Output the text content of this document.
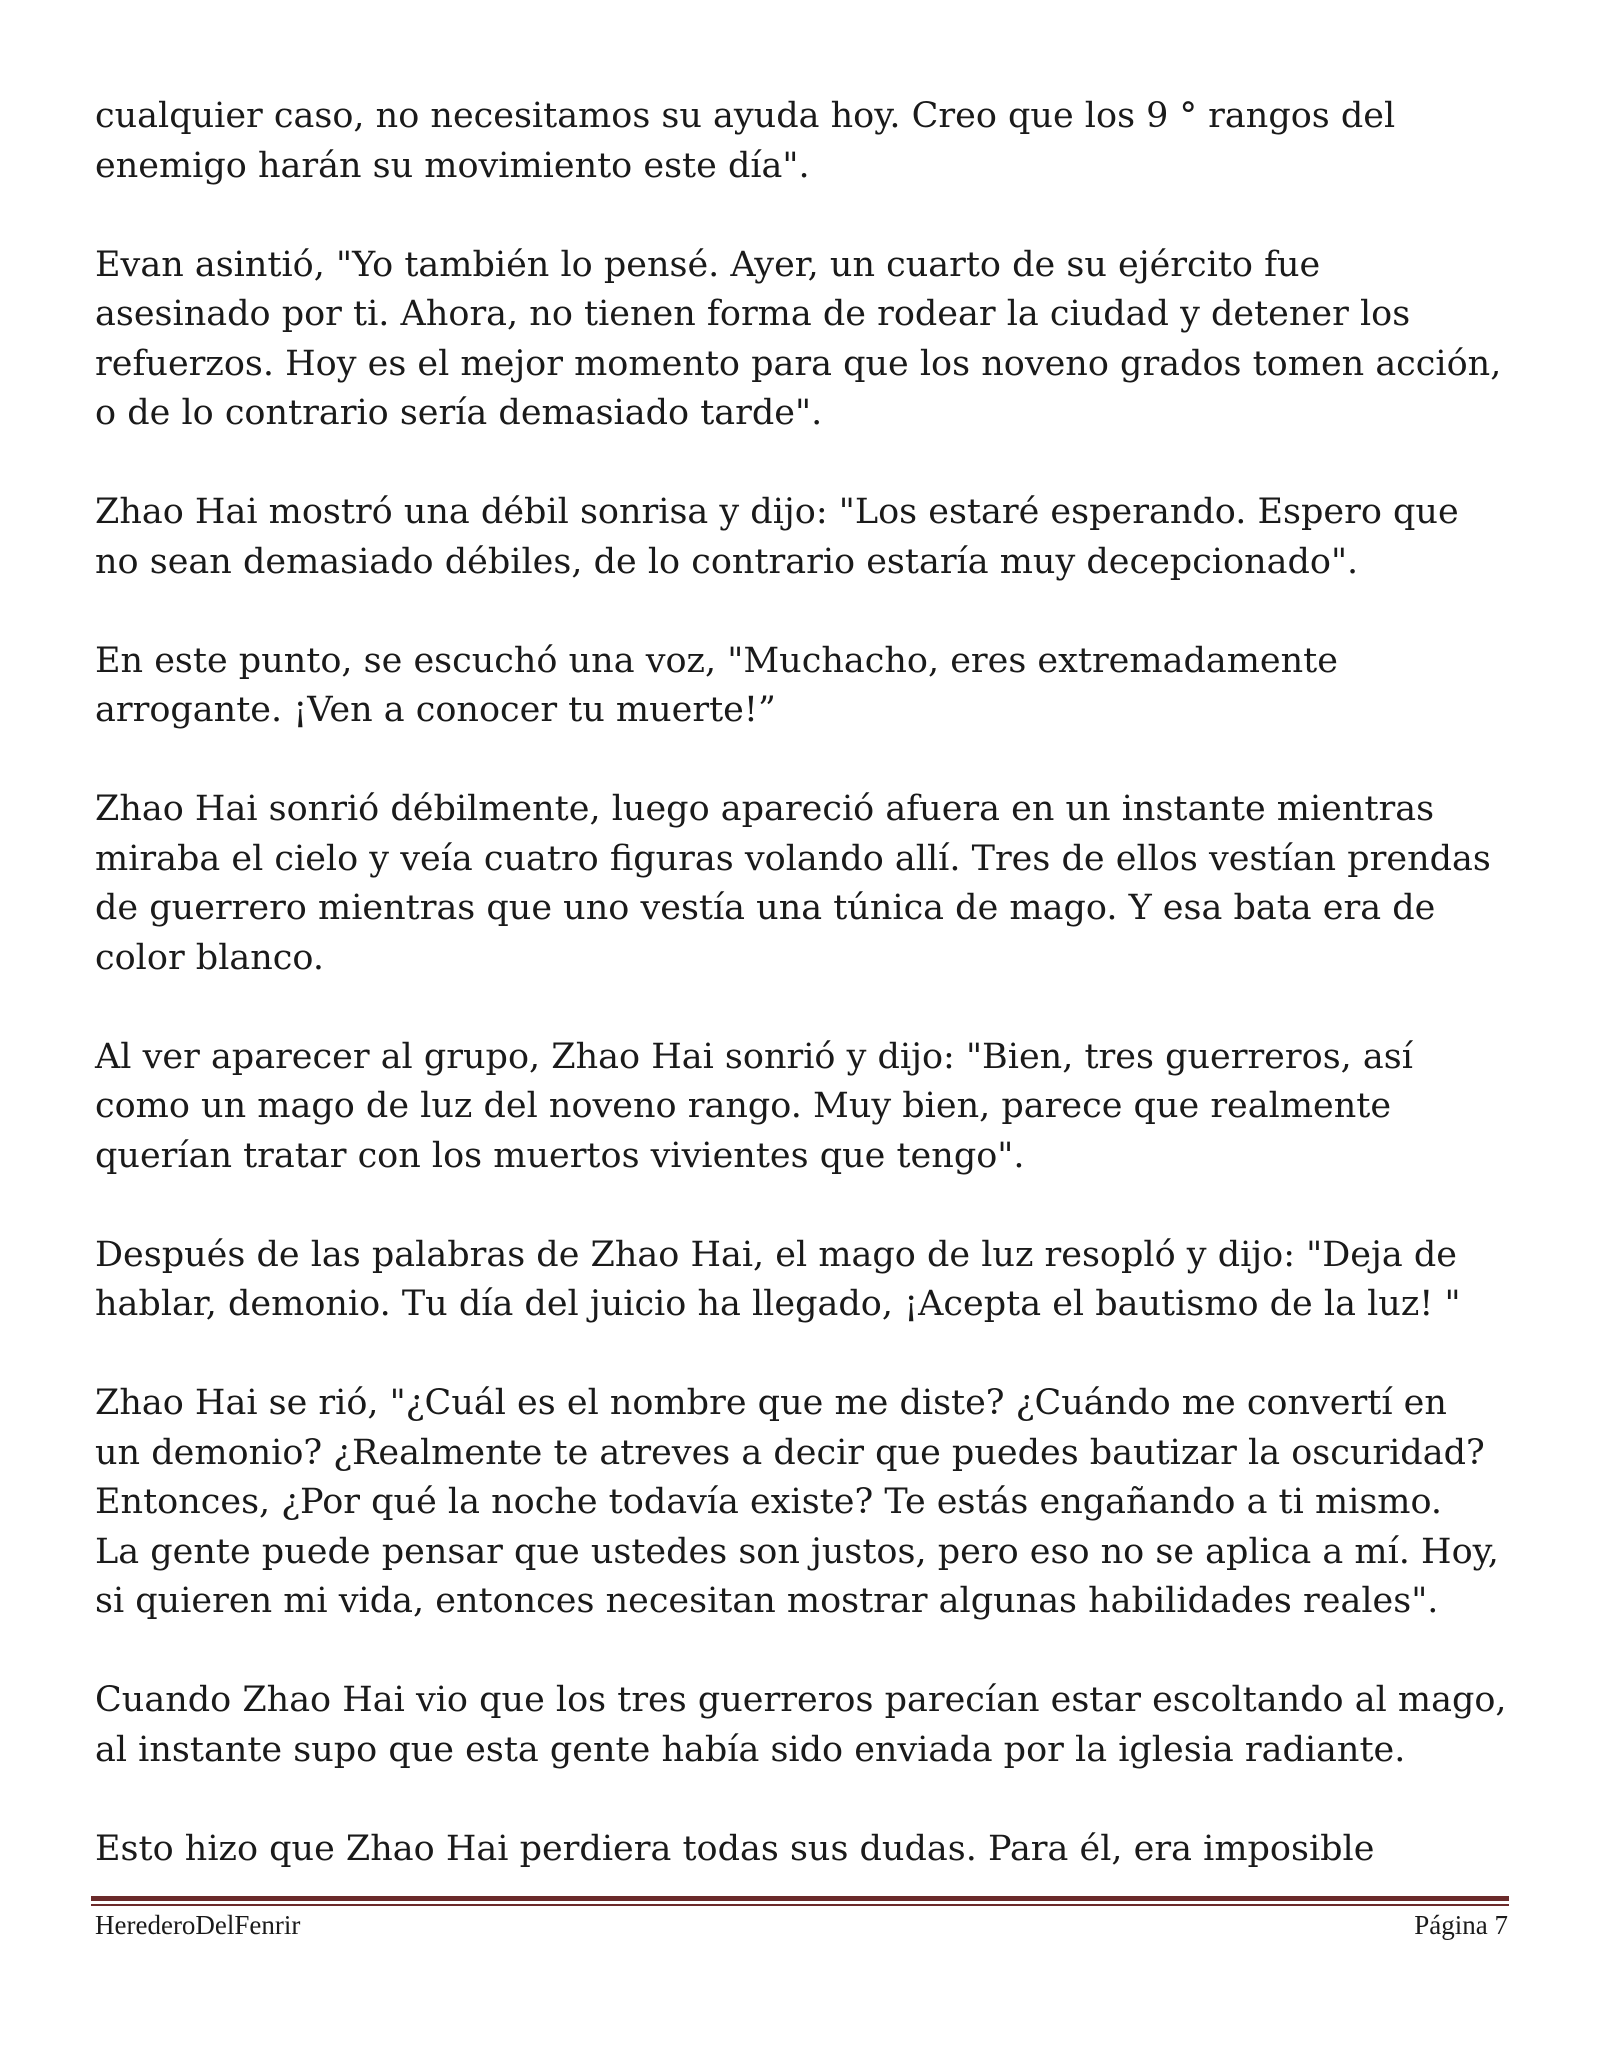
cualquier caso, no necesitamos su ayuda hoy. Creo que los 9 ° rangos del
enemigo harán su movimiento este día".

Evan asintió, "Yo también lo pensé. Ayer, un cuarto de su ejército fue
asesinado por ti. Ahora, no tienen forma de rodear la ciudad y detener los
refuerzos. Hoy es el mejor momento para que los noveno grados tomen acción,
o de lo contrario sería demasiado tarde".

Zhao Hai mostró una débil sonrisa y dijo: "Los estaré esperando. Espero que
no sean demasiado débiles, de lo contrario estaría muy decepcionado".

En este punto, se escuchó una voz, "Muchacho, eres extremadamente
arrogante. ¡Ven a conocer tu muerte!”

Zhao Hai sonrió débilmente, luego apareció afuera en un instante mientras
miraba el cielo y veía cuatro figuras volando allí. Tres de ellos vestían prendas
de guerrero mientras que uno vestía una túnica de mago. Y esa bata era de
color blanco.

Al ver aparecer al grupo, Zhao Hai sonrió y dijo: "Bien, tres guerreros, así
como un mago de luz del noveno rango. Muy bien, parece que realmente
querían tratar con los muertos vivientes que tengo".

Después de las palabras de Zhao Hai, el mago de luz resopló y dijo: "Deja de
hablar, demonio. Tu día del juicio ha llegado, ¡Acepta el bautismo de la luz! "

Zhao Hai se rió, "¿Cuál es el nombre que me diste? ¿Cuándo me convertí en
un demonio? ¿Realmente te atreves a decir que puedes bautizar la oscuridad?
Entonces, ¿Por qué la noche todavía existe? Te estás engañando a ti mismo.
La gente puede pensar que ustedes son justos, pero eso no se aplica a mí. Hoy,
si quieren mi vida, entonces necesitan mostrar algunas habilidades reales".

Cuando Zhao Hai vio que los tres guerreros parecían estar escoltando al mago,
al instante supo que esta gente había sido enviada por la iglesia radiante.

Esto hizo que Zhao Hai perdiera todas sus dudas. Para él, era imposible

HerederoDelFenrir	Página 7
